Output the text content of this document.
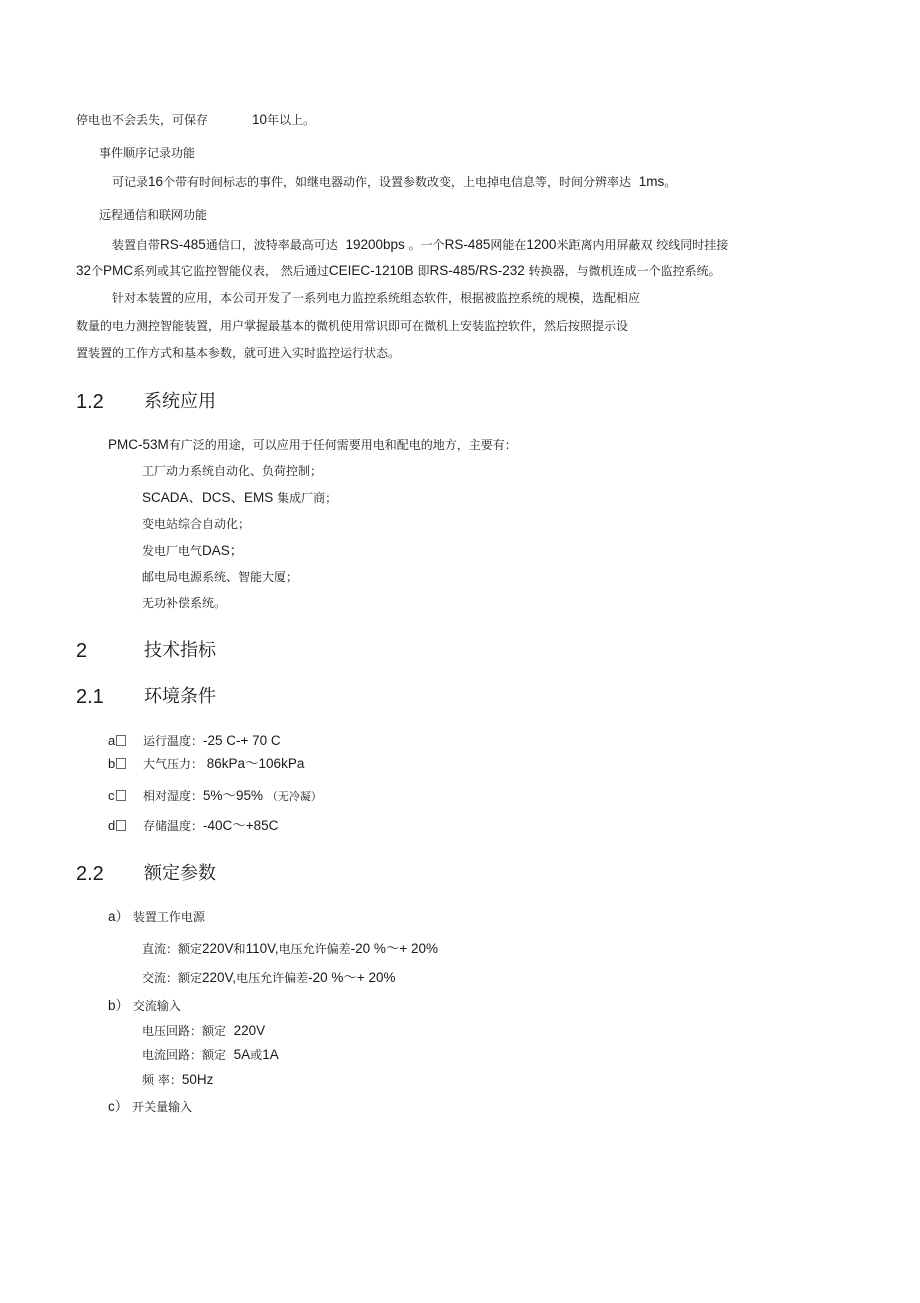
停电也不会丢失，可保存	10年以上。
事件顺序记录功能
可记录16个带有时间标志的事件，如继电器动作，设置参数改变，上电掉电信息等，时间分辨率达 1ms。
远程通信和联网功能
装置自带RS-485通信口，波特率最高可达 19200bps 。一个RS-485网能在1200米距离内用屏蔽双 绞线同时挂接
32个PMC系列或其它监控智能仪表， 然后通过CEIEC-1210B 即RS-485/RS-232 转换器，与微机连成一个监控系统。
针对本装置的应用，本公司开发了一系列电力监控系统组态软件，根据被监控系统的规模，选配相应
数量的电力测控智能装置，用户掌握最基本的微机使用常识即可在微机上安装监控软件，然后按照提示设
置装置的工作方式和基本参数，就可进入实时监控运行状态。
1.2 系统应用
PMC-53M有广泛的用途，可以应用于任何需要用电和配电的地方，主要有：
工厂动力系统自动化、负荷控制；
SCADA、DCS、EMS 集成厂商；
变电站综合自动化；
发电厂电气DAS；
邮电局电源系统、智能大厦；
无功补偿系统。
2	技术指标
2.1 环境条件
a	运行温度：-25 C-+ 70 C
b	大气压力： 86kPa〜106kPa
c	相对湿度：5%〜95% （无冷凝）
d	存储温度：-40C〜+85C
2.2 额定参数
a） 装置工作电源
直流：额定220V和110V,电压允许偏差-20 %〜+ 20%
交流：额定220V,电压允许偏差-20 %〜+ 20%
b） 交流输入
电压回路：额定 220V
电流回路：额定 5A或1A
频 率：50Hz
c） 开关量输入
